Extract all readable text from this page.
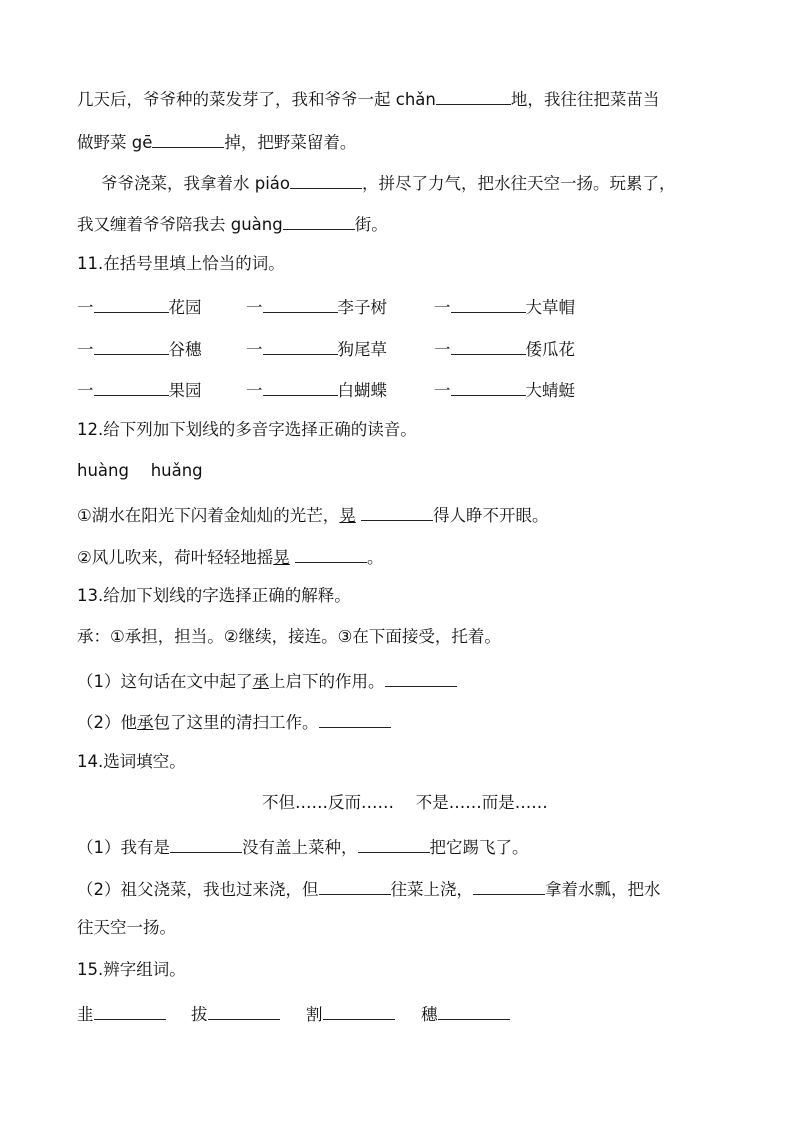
几天后，爷爷种的菜发芽了，我和爷爷一起 chǎn	地，我往往把菜苗当
做野菜 gē	掉，把野菜留着。
爷爷浇菜，我拿着水 piáo	，拼尽了力气，把水往天空一扬。玩累了，
我又缠着爷爷陪我去 guàng	街。
11.在括号里填上恰当的词。
一	花园	一	李子树	一	大草帽
一	谷穗	一	狗尾草	一	倭瓜花
一	果园	一	白蝴蝶	一	大蜻蜓
12.给下列加下划线的多音字选择正确的读音。
huàng　 huǎng
①湖水在阳光下闪着金灿灿的光芒，晃	得人睁不开眼。
②风儿吹来，荷叶轻轻地摇晃	。
13.给加下划线的字选择正确的解释。
承：①承担，担当。②继续，接连。③在下面接受，托着。
（1）这句话在文中起了承上启下的作用。
（2）他承包了这里的清扫工作。
14.选词填空。
不但……反而……　 不是……而是……
（1）我有是	没有盖上菜种，	把它踢飞了。
（2）祖父浇菜，我也过来浇，但	往菜上浇，	拿着水瓢，把水
往天空一扬。
15.辨字组词。
韭	拔	割	穗
